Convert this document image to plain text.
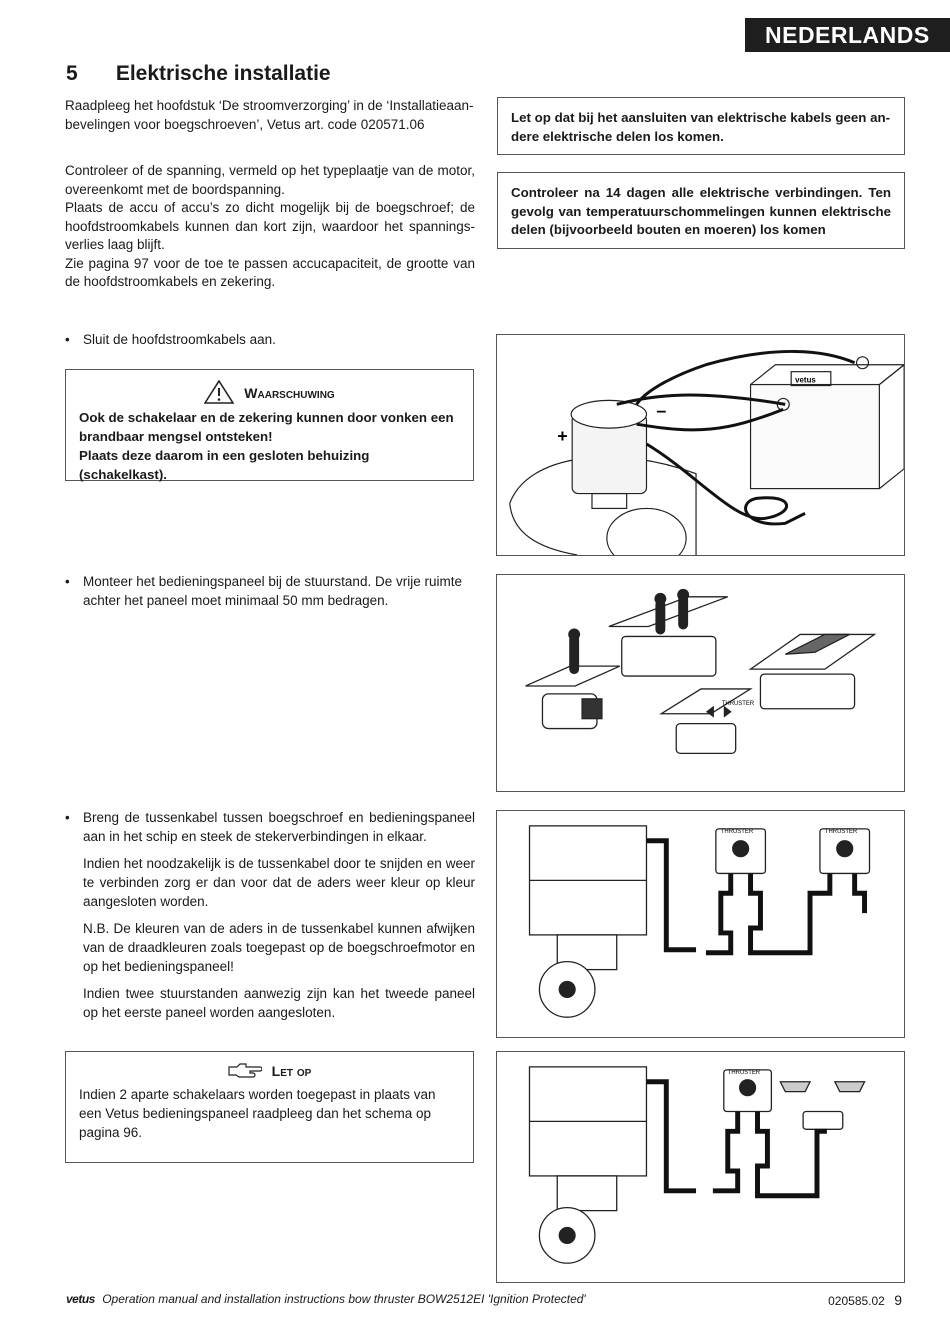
NEDERLANDS
5 Elektrische installatie
Raadpleeg het hoofdstuk ‘De stroomverzorging’ in de ‘Installatieaan-bevelingen voor boegschroeven’, Vetus art. code 020571.06
Controleer of de spanning, vermeld op het typeplaatje van de motor, overeenkomt met de boordspanning.
Plaats de accu of accu’s zo dicht mogelijk bij de boegschroef; de hoofdstroomkabels kunnen dan kort zijn, waardoor het spannings-verlies laag blijft.
Zie pagina 97 voor de toe te passen accucapaciteit, de grootte van de hoofdstroomkabels en zekering.
Let op dat bij het aansluiten van elektrische kabels geen an-dere elektrische delen los komen.
Controleer na 14 dagen alle elektrische verbindingen. Ten gevolg van temperatuurschommelingen kunnen elektrische delen (bijvoorbeeld bouten en moeren) los komen
• Sluit de hoofdstroomkabels aan.
Waarschuwing
Ook de schakelaar en de zekering kunnen door vonken een brandbaar mengsel ontsteken!
Plaats deze daarom in een gesloten behuizing (schakelkast).
• Monteer het bedieningspaneel bij de stuurstand. De vrije ruimte achter het paneel moet minimaal 50 mm bedragen.
• Breng de tussenkabel tussen boegschroef en bedieningspaneel aan in het schip en steek de stekerverbindingen in elkaar.

Indien het noodzakelijk is de tussenkabel door te snijden en weer te verbinden zorg er dan voor dat de aders weer kleur op kleur aangesloten worden.

N.B. De kleuren van de aders in de tussenkabel kunnen afwijken van de draadkleuren zoals toegepast op de boegschroefmotor en op het bedieningspaneel!

Indien twee stuurstanden aanwezig zijn kan het tweede paneel op het eerste paneel worden aangesloten.

Let op
Indien 2 aparte schakelaars worden toegepast in plaats van een Vetus bedieningspaneel raadpleeg dan het schema op pagina 96.
+
–
vetus
THRUSTER
THRUSTER	THRUSTER
THRUSTER
vetus Operation manual and installation instructions bow thruster BOW2512EI 'Ignition Protected'	020585.02 9
